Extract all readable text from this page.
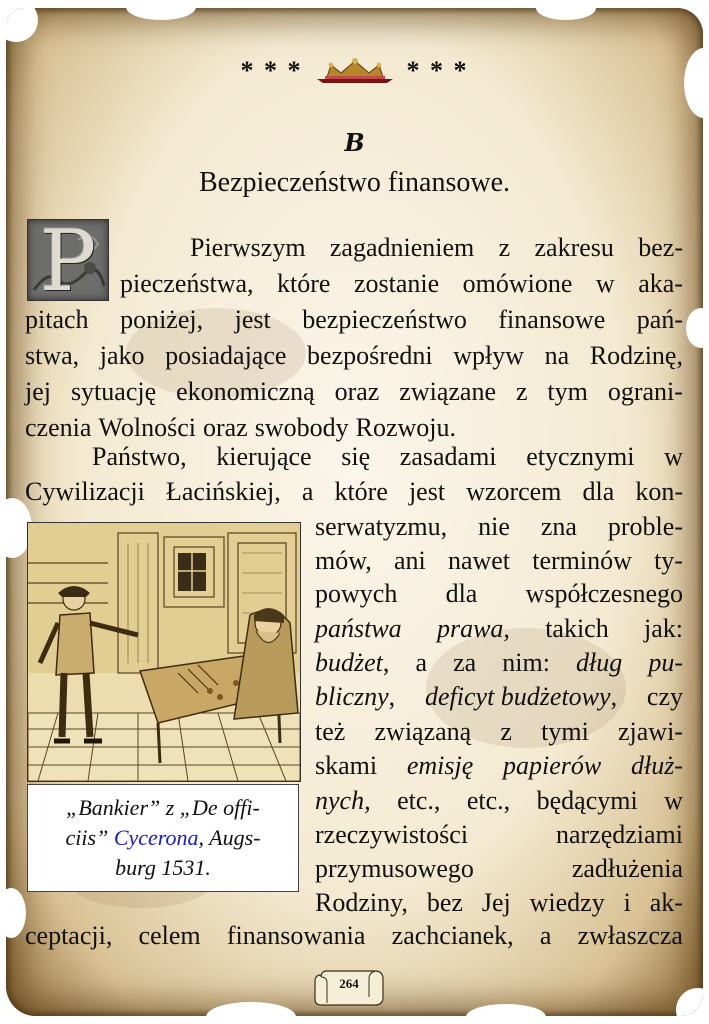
* * *	* * *
B
Bezpieczeństwo finansowe.
P	Pierwszym zagadnieniem z zakresu bez-
pieczeństwa, które zostanie omówione w aka-
pitach poniżej, jest bezpieczeństwo finansowe pań-
stwa, jako posiadające bezpośredni wpływ na Rodzinę,
jej sytuację ekonomiczną oraz związane z tym ograni-
czenia Wolności oraz swobody Rozwoju.
Państwo, kierujące się zasadami etycznymi w
Cywilizacji Łacińskiej, a które jest wzorcem dla kon-
serwatyzmu, nie zna proble-
mów, ani nawet terminów ty-
powych dla współczesnego
państwa prawa, takich jak:
budżet, a za nim: dług pu-
bliczny, deficyt budżetowy, czy
też związaną z tymi zjawi-
skami emisję papierów dłuż-
nych, etc., etc., będącymi w
rzeczywistości	narzędziami
przymusowego	zadłużenia
Rodziny, bez Jej wiedzy i ak-
ceptacji, celem finansowania zachcianek, a zwłaszcza
„Bankier” z „De offi-
ciis” Cycerona, Augs-
burg 1531.
264
